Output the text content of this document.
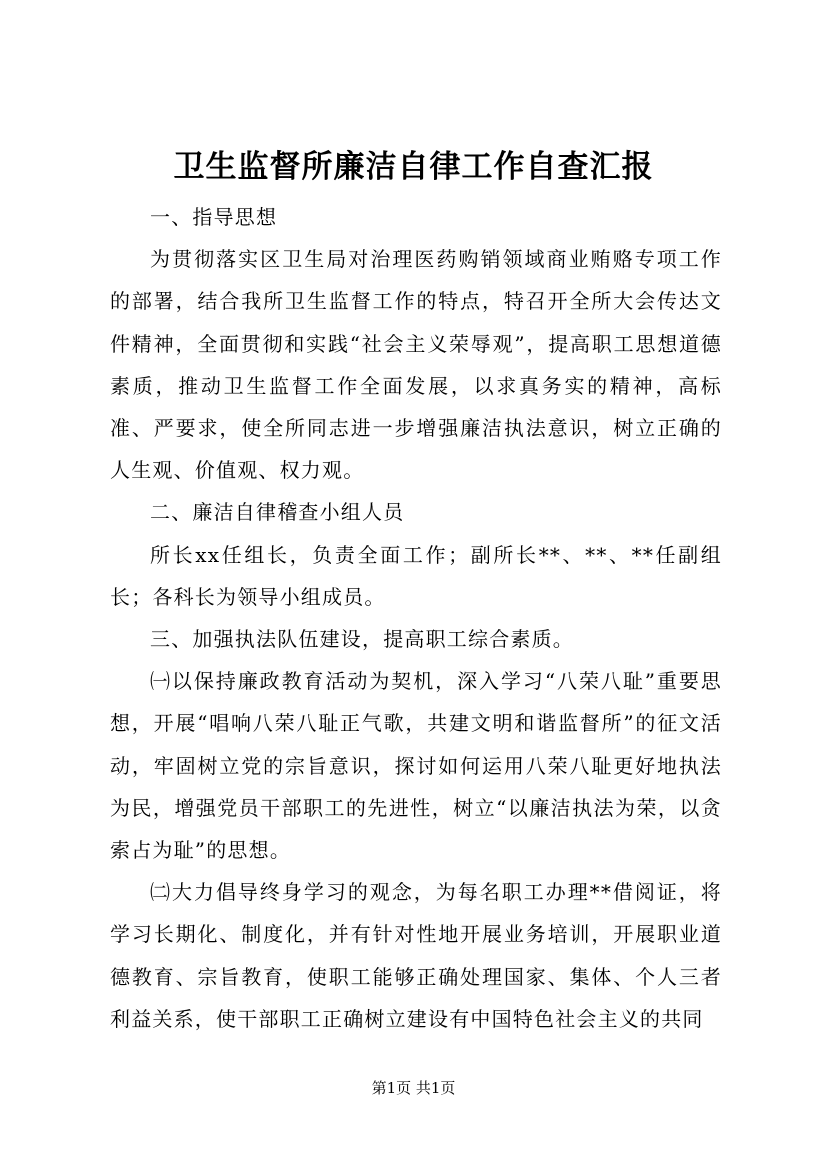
卫生监督所廉洁自律工作自查汇报

一、指导思想

为贯彻落实区卫生局对治理医药购销领域商业贿赂专项工作的部署，结合我所卫生监督工作的特点，特召开全所大会传达文件精神，全面贯彻和实践“社会主义荣辱观”，提高职工思想道德素质，推动卫生监督工作全面发展，以求真务实的精神，高标准、严要求，使全所同志进一步增强廉洁执法意识，树立正确的人生观、价值观、权力观。

二、廉洁自律稽查小组人员

所长xx任组长，负责全面工作；副所长**、**、**任副组长；各科长为领导小组成员。

三、加强执法队伍建设，提高职工综合素质。

㈠以保持廉政教育活动为契机，深入学习“八荣八耻”重要思想，开展“唱响八荣八耻正气歌，共建文明和谐监督所”的征文活动，牢固树立党的宗旨意识，探讨如何运用八荣八耻更好地执法为民，增强党员干部职工的先进性，树立“以廉洁执法为荣，以贪索占为耻”的思想。

㈡大力倡导终身学习的观念，为每名职工办理**借阅证，将学习长期化、制度化，并有针对性地开展业务培训，开展职业道德教育、宗旨教育，使职工能够正确处理国家、集体、个人三者利益关系，使干部职工正确树立建设有中国特色社会主义的共同

第1页 共1页
